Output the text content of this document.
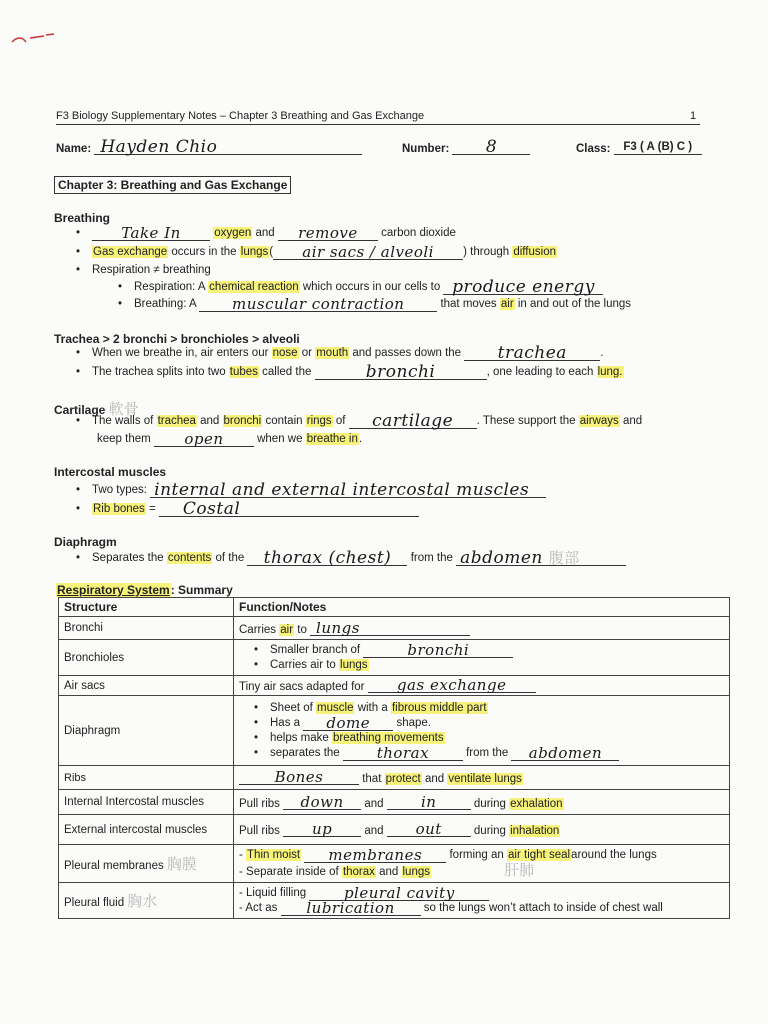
F3 Biology Supplementary Notes – Chapter 3 Breathing and Gas Exchange	1
Name: Hayden Chio	Number: 8	Class: F3 ( A (B) C )
Chapter 3: Breathing and Gas Exchange
Breathing
•	Take In	oxygen and remove carbon dioxide
• Gas exchange occurs in the lungs( air sacs / alveoli	) through diffusion
• Respiration ≠ breathing
• Respiration: A chemical reaction which occurs in our cells to produce energy
• Breathing: A muscular contraction	that moves air in and out of the lungs
Trachea > 2 bronchi > bronchioles > alveoli
• When we breathe in, air enters our nose or mouth and passes down the trachea	.
• The trachea splits into two tubes called the	bronchi	, one leading to each lung.
Cartilage 軟骨
• The walls of trachea and bronchi contain rings of cartilage . These support the airways and
keep them open	when we breathe in.
Intercostal muscles
• Two types: internal and external intercostal muscles
• Rib bones = Costal
Diaphragm
• Separates the contents of the thorax (chest) from the abdomen 腹部
Respiratory System: Summary
Structure	Function/Notes
Bronchi	Carries air to lungs
Bronchioles	• Smaller branch of bronchi
• Carries air to lungs

Air sacs	Tiny air sacs adapted for gas exchange
Diaphragm	• Sheet of muscle with a fibrous middle part
• Has a dome shape.
• helps make breathing movements
• separates the thorax from the abdomen

Ribs	Bones that protect and ventilate lungs
Internal Intercostal muscles	Pull ribs down and in during exhalation
External intercostal muscles	Pull ribs up and out during inhalation
Pleural membranes 胸膜	- Thin moist membranes forming an air tight sealaround the lungs
- Separate inside of thorax and lungs 肝肺

Pleural fluid 胸水	- Liquid filling pleural cavity
- Act as lubrication so the lungs won’t attach to inside of chest wall
